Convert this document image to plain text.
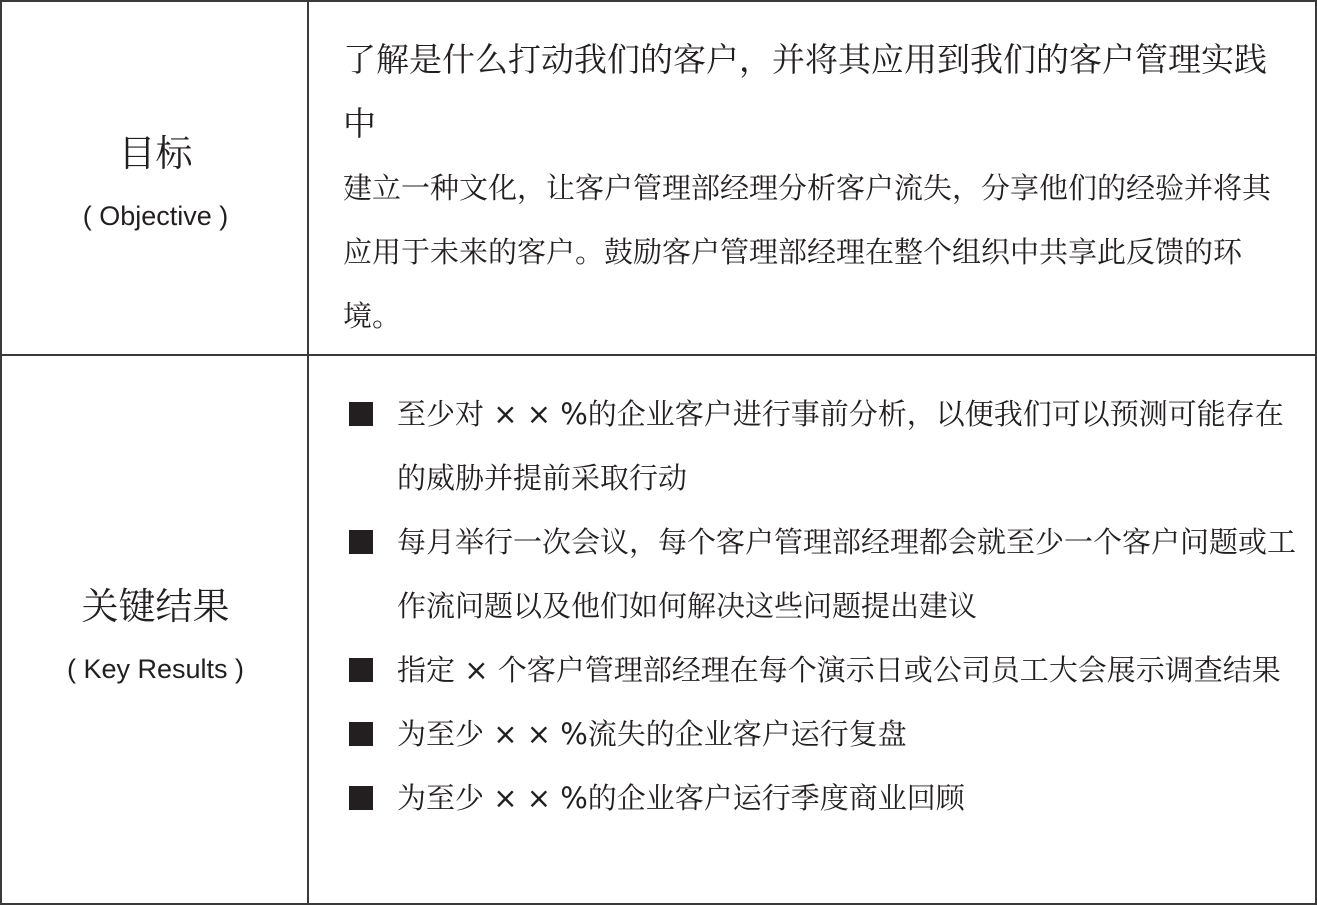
目标
( Objective )
了解是什么打动我们的客户，并将其应用到我们的客户管理实践中
建立一种文化，让客户管理部经理分析客户流失，分享他们的经验并将其应用于未来的客户。鼓励客户管理部经理在整个组织中共享此反馈的环境。
关键结果
( Key Results )
至少对 × × %的企业客户进行事前分析，以便我们可以预测可能存在的威胁并提前采取行动
每月举行一次会议，每个客户管理部经理都会就至少一个客户问题或工作流问题以及他们如何解决这些问题提出建议
指定 × 个客户管理部经理在每个演示日或公司员工大会展示调查结果
为至少 × × %流失的企业客户运行复盘
为至少 × × %的企业客户运行季度商业回顾
